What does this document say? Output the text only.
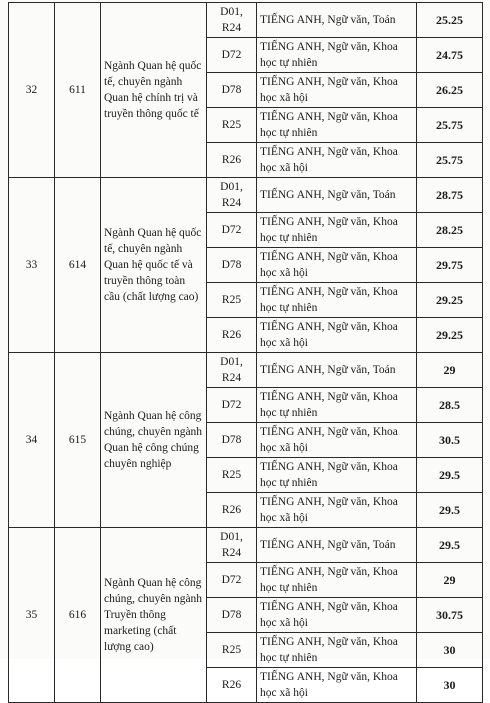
32	611	Ngành Quan hệ quốc tế, chuyên ngành Quan hệ chính trị và truyền thông quốc tế	D01, R24	TIẾNG ANH, Ngữ văn, Toán	25.25
			D72	TIẾNG ANH, Ngữ văn, Khoa học tự nhiên	24.75
			D78	TIẾNG ANH, Ngữ văn, Khoa học xã hội	26.25
			R25	TIẾNG ANH, Ngữ văn, Khoa học tự nhiên	25.75
			R26	TIẾNG ANH, Ngữ văn, Khoa học xã hội	25.75
33	614	Ngành Quan hệ quốc tế, chuyên ngành Quan hệ quốc tế và truyền thông toàn cầu (chất lượng cao)	D01, R24	TIẾNG ANH, Ngữ văn, Toán	28.75
			D72	TIẾNG ANH, Ngữ văn, Khoa học tự nhiên	28.25
			D78	TIẾNG ANH, Ngữ văn, Khoa học xã hội	29.75
			R25	TIẾNG ANH, Ngữ văn, Khoa học tự nhiên	29.25
			R26	TIẾNG ANH, Ngữ văn, Khoa học xã hội	29.25
34	615	Ngành Quan hệ công chúng, chuyên ngành Quan hệ công chúng chuyên nghiệp	D01, R24	TIẾNG ANH, Ngữ văn, Toán	29
			D72	TIẾNG ANH, Ngữ văn, Khoa học tự nhiên	28.5
			D78	TIẾNG ANH, Ngữ văn, Khoa học xã hội	30.5
			R25	TIẾNG ANH, Ngữ văn, Khoa học tự nhiên	29.5
			R26	TIẾNG ANH, Ngữ văn, Khoa học xã hội	29.5
35	616	Ngành Quan hệ công chúng, chuyên ngành Truyền thông marketing (chất lượng cao)	D01, R24	TIẾNG ANH, Ngữ văn, Toán	29.5
			D72	TIẾNG ANH, Ngữ văn, Khoa học tự nhiên	29
			D78	TIẾNG ANH, Ngữ văn, Khoa học xã hội	30.75
			R25	TIẾNG ANH, Ngữ văn, Khoa học tự nhiên	30
			R26	TIẾNG ANH, Ngữ văn, Khoa học xã hội	30
